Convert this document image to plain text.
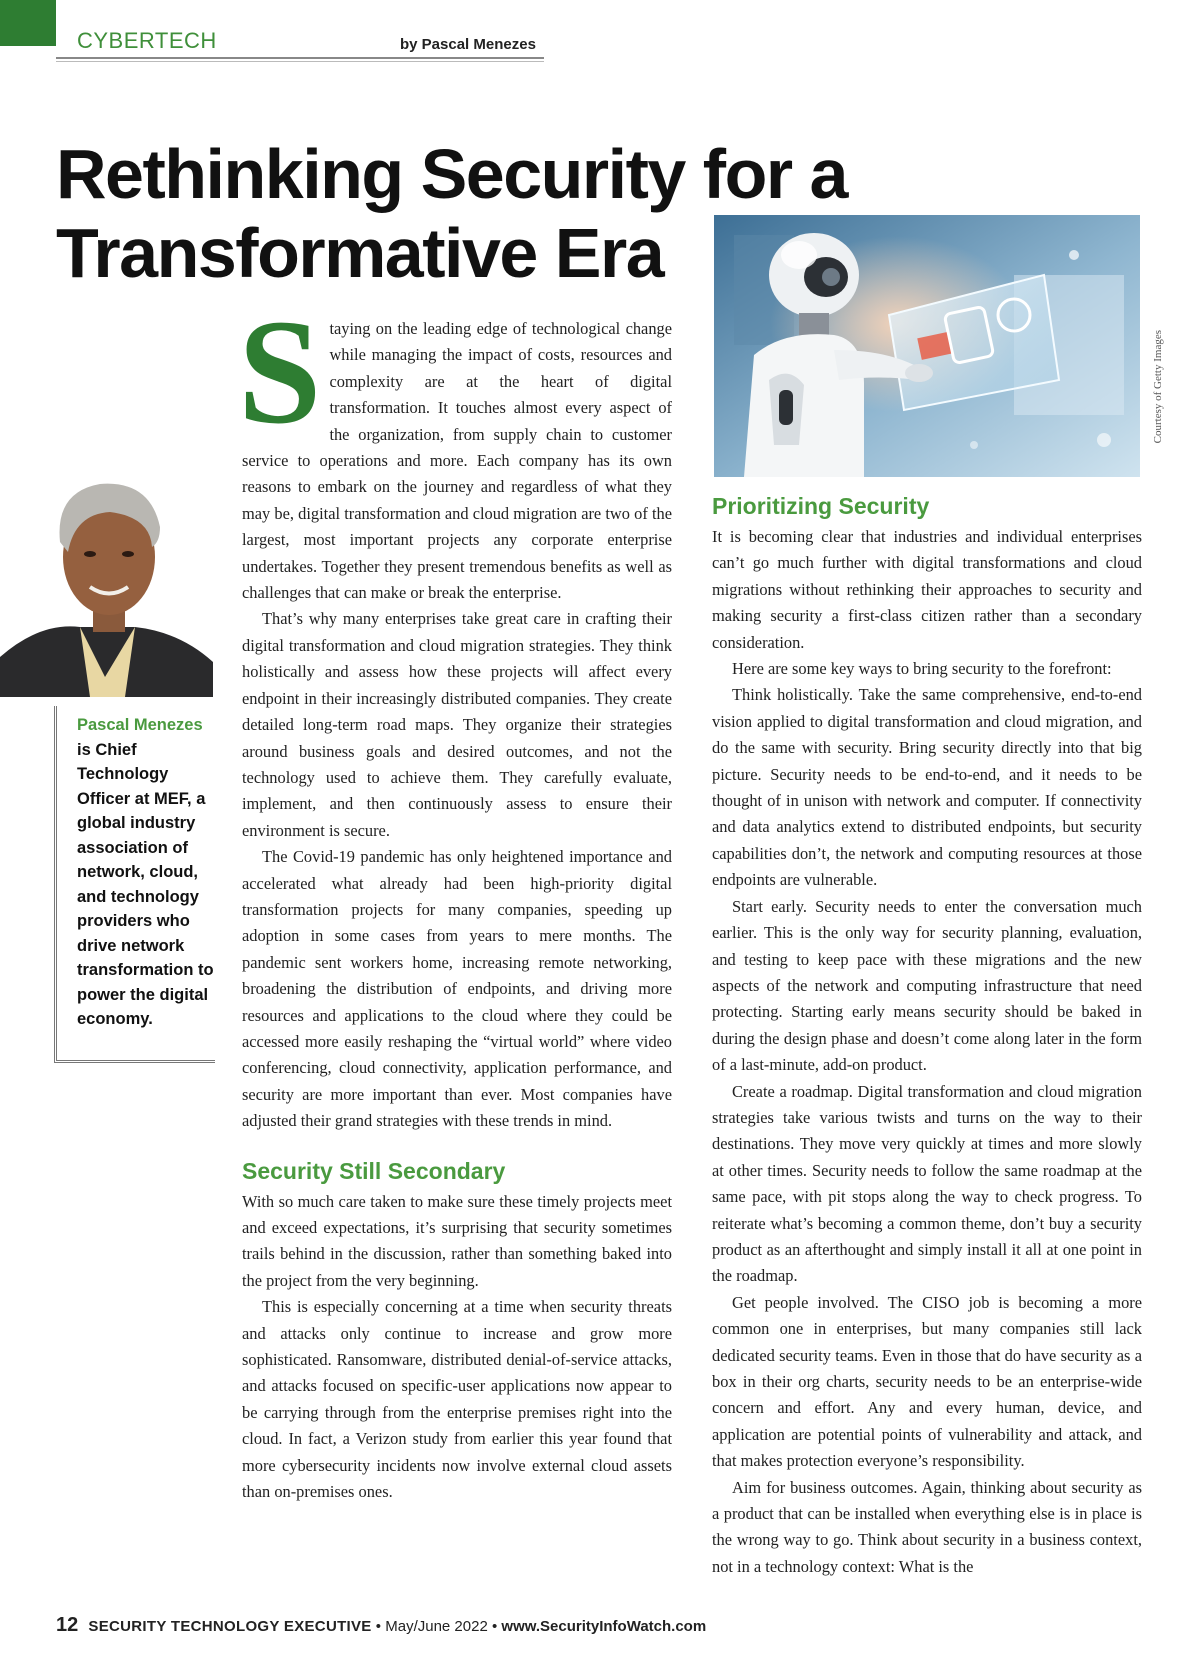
CYBERTECH	by Pascal Menezes
Rethinking Security for a Transformative Era
Courtesy of Getty Images
Pascal Menezes is Chief Technology Officer at MEF, a global industry association of network, cloud, and technology providers who drive network transformation to power the digital economy.

Staying on the leading edge of technological change while managing the impact of costs, resources and complexity are at the heart of digital transformation. It touches almost every aspect of the organization, from supply chain to customer service to operations and more. Each company has its own reasons to embark on the journey and regardless of what they may be, digital transformation and cloud migration are two of the largest, most important projects any corporate enterprise undertakes. Together they present tremendous benefits as well as challenges that can make or break the enterprise.

That’s why many enterprises take great care in crafting their digital transformation and cloud migration strategies. They think holistically and assess how these projects will affect every endpoint in their increasingly distributed companies. They create detailed long-term road maps. They organize their strategies around business goals and desired outcomes, and not the technology used to achieve them. They carefully evaluate, implement, and then continuously assess to ensure their environment is secure.

The Covid-19 pandemic has only heightened importance and accelerated what already had been high-priority digital transformation projects for many companies, speeding up adoption in some cases from years to mere months. The pandemic sent workers home, increasing remote networking, broadening the distribution of endpoints, and driving more resources and applications to the cloud where they could be accessed more easily reshaping the “virtual world” where video conferencing, cloud connectivity, application performance, and security are more important than ever. Most companies have adjusted their grand strategies with these trends in mind.

Security Still Secondary

With so much care taken to make sure these timely projects meet and exceed expectations, it’s surprising that security sometimes trails behind in the discussion, rather than something baked into the project from the very beginning.

This is especially concerning at a time when security threats and attacks only continue to increase and grow more sophisticated. Ransomware, distributed denial-of-service attacks, and attacks focused on specific-user applications now appear to be carrying through from the enterprise premises right into the cloud. In fact, a Verizon study from earlier this year found that more cybersecurity incidents now involve external cloud assets than on-premises ones.

Prioritizing Security

It is becoming clear that industries and individual enterprises can’t go much further with digital transformations and cloud migrations without rethinking their approaches to security and making security a first-class citizen rather than a secondary consideration.

Here are some key ways to bring security to the forefront:

Think holistically. Take the same comprehensive, end-to-end vision applied to digital transformation and cloud migration, and do the same with security. Bring security directly into that big picture. Security needs to be end-to-end, and it needs to be thought of in unison with network and computer. If connectivity and data analytics extend to distributed endpoints, but security capabilities don’t, the network and computing resources at those endpoints are vulnerable.

Start early. Security needs to enter the conversation much earlier. This is the only way for security planning, evaluation, and testing to keep pace with these migrations and the new aspects of the network and computing infrastructure that need protecting. Starting early means security should be baked in during the design phase and doesn’t come along later in the form of a last-minute, add-on product.

Create a roadmap. Digital transformation and cloud migration strategies take various twists and turns on the way to their destinations. They move very quickly at times and more slowly at other times. Security needs to follow the same roadmap at the same pace, with pit stops along the way to check progress. To reiterate what’s becoming a common theme, don’t buy a security product as an afterthought and simply install it all at one point in the roadmap.

Get people involved. The CISO job is becoming a more common one in enterprises, but many companies still lack dedicated security teams. Even in those that do have security as a box in their org charts, security needs to be an enterprise-wide concern and effort. Any and every human, device, and application are potential points of vulnerability and attack, and that makes protection everyone’s responsibility.

Aim for business outcomes. Again, thinking about security as a product that can be installed when everything else is in place is the wrong way to go. Think about security in a business context, not in a technology context: What is the

12 SECURITY TECHNOLOGY EXECUTIVE • May/June 2022 • www.SecurityInfoWatch.com
